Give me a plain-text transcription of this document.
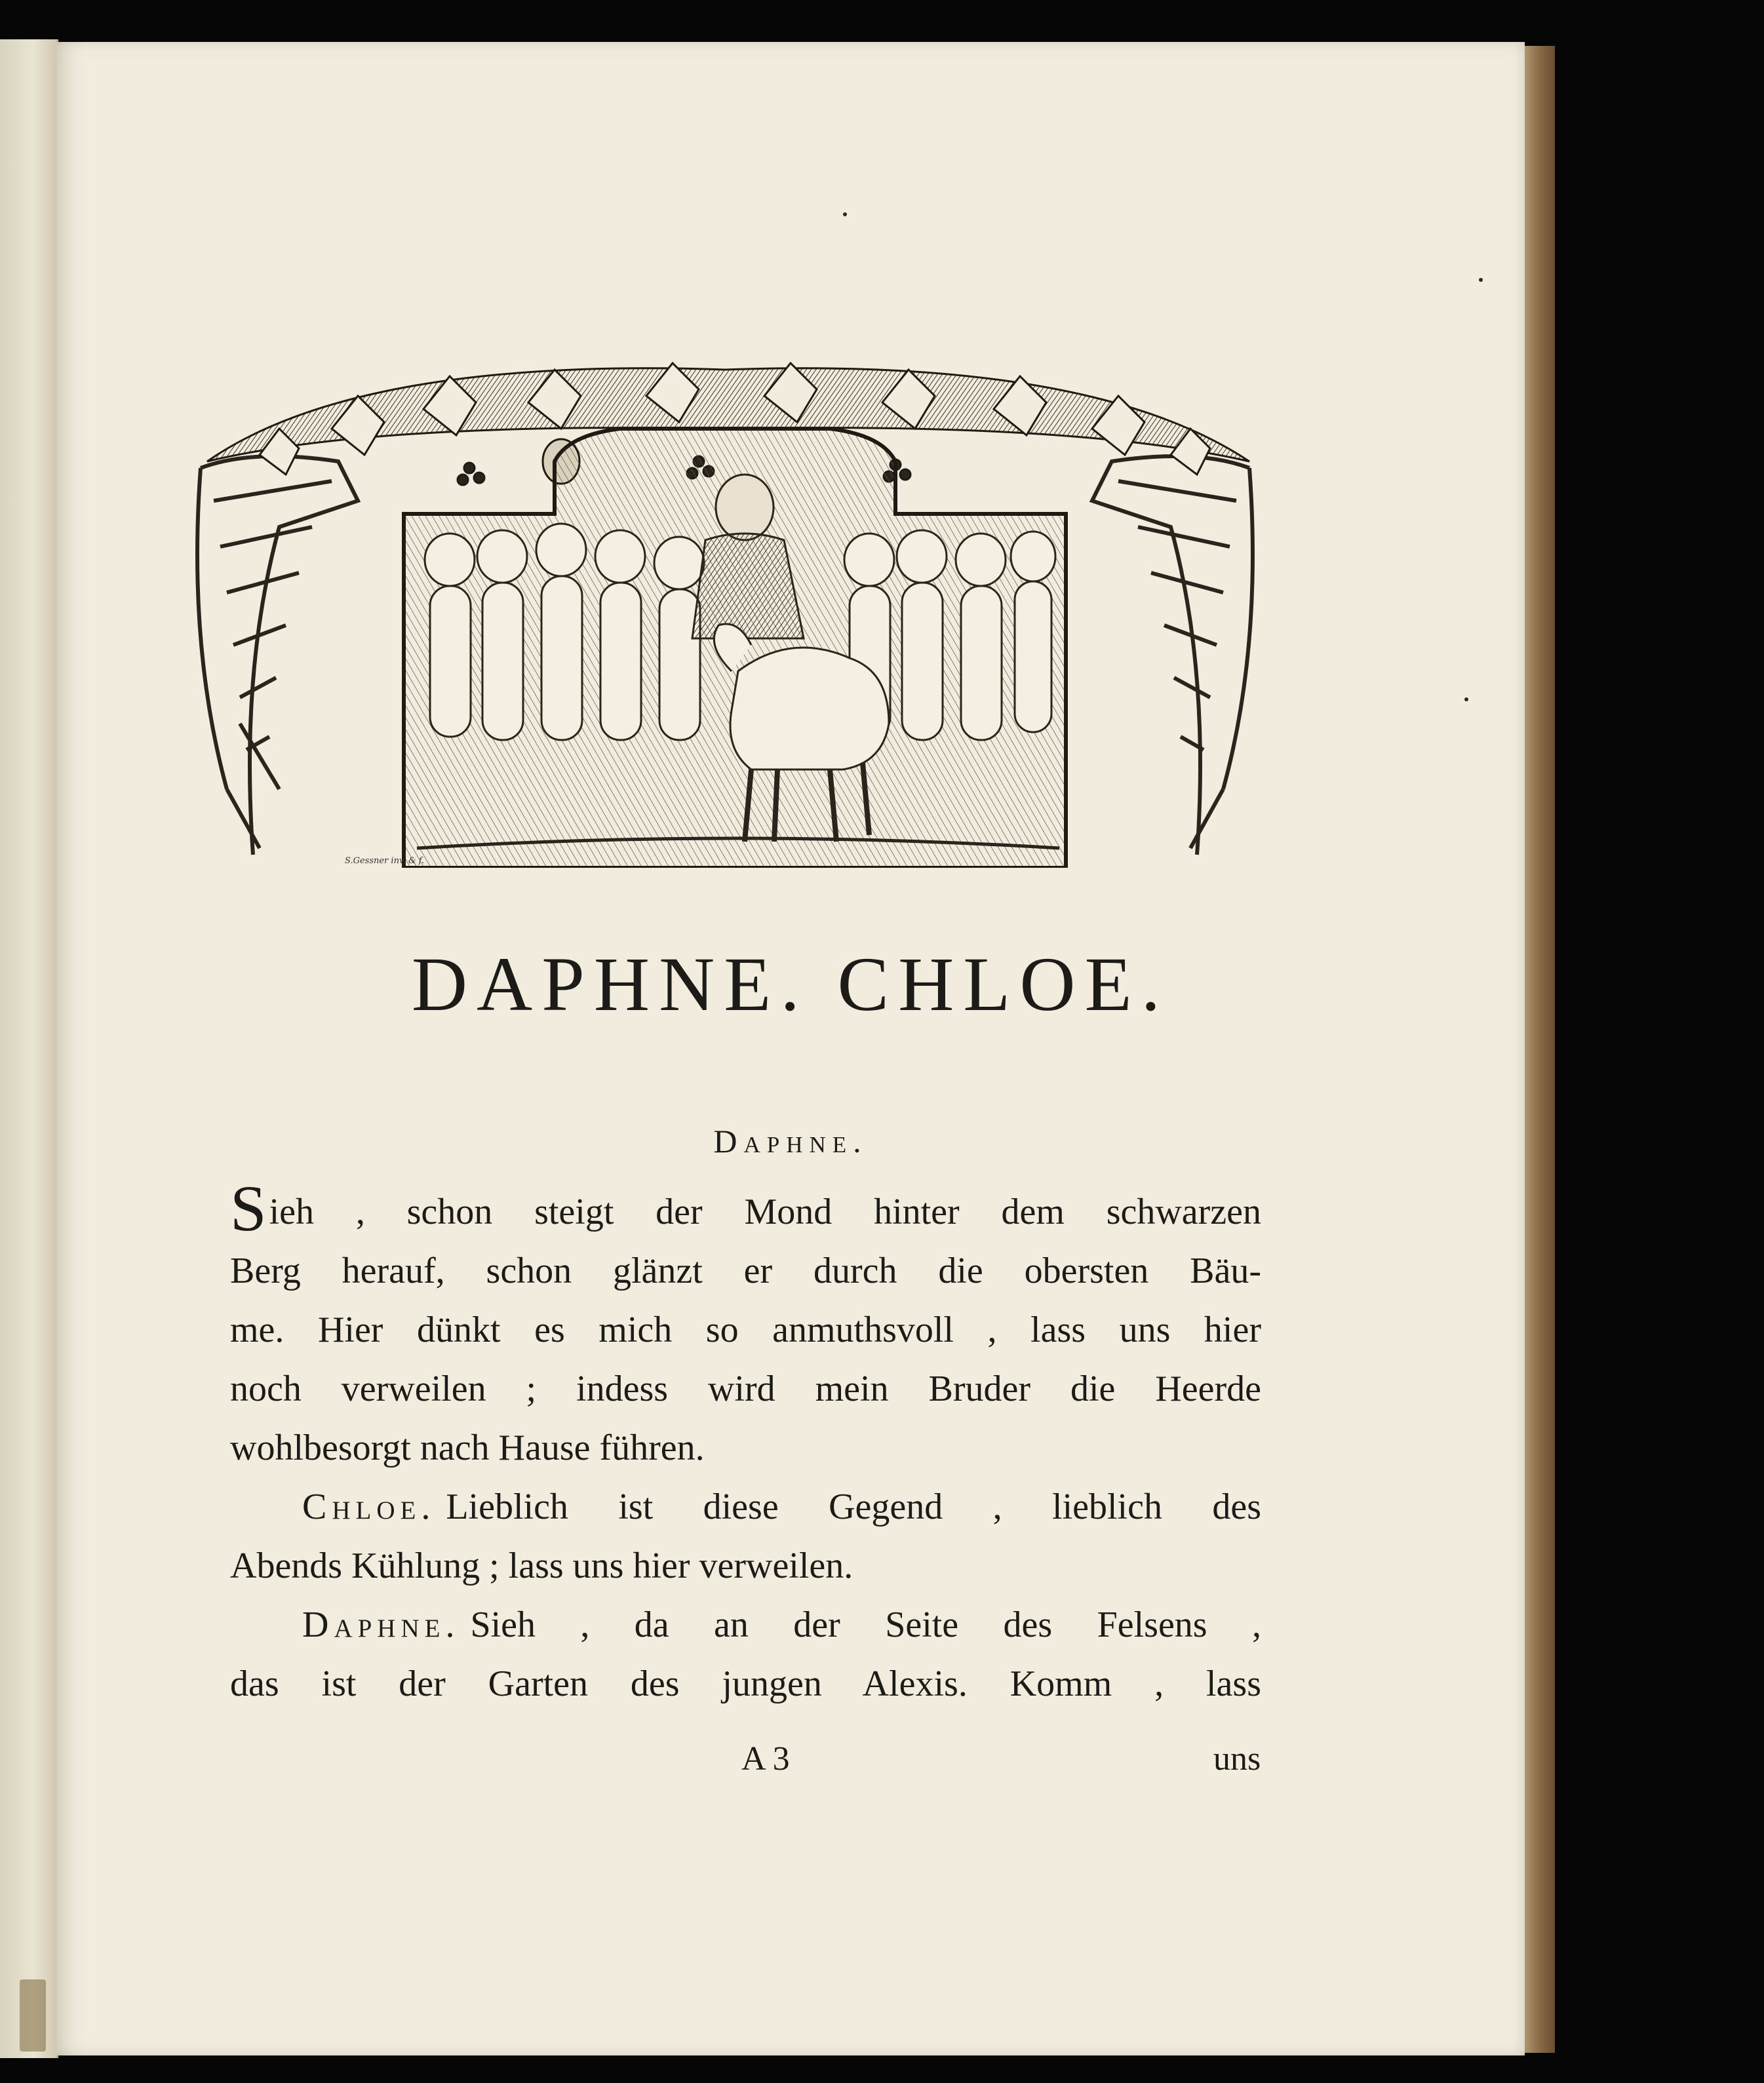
S.Gessner inv. & f.
DAPHNE. CHLOE.
Daphne.
Sieh , schon steigt der Mond hinter dem schwarzen
Berg herauf, schon glänzt er durch die obersten Bäu-
me. Hier dünkt es mich so anmuthsvoll , lass uns hier
noch verweilen ; indess wird mein Bruder die Heerde
wohlbesorgt nach Hause führen.
Chloe. Lieblich ist diese Gegend , lieblich des
Abends Kühlung ; lass uns hier verweilen.
Daphne. Sieh , da an der Seite des Felsens ,
das ist der Garten des jungen Alexis. Komm , lass
A 3	uns
